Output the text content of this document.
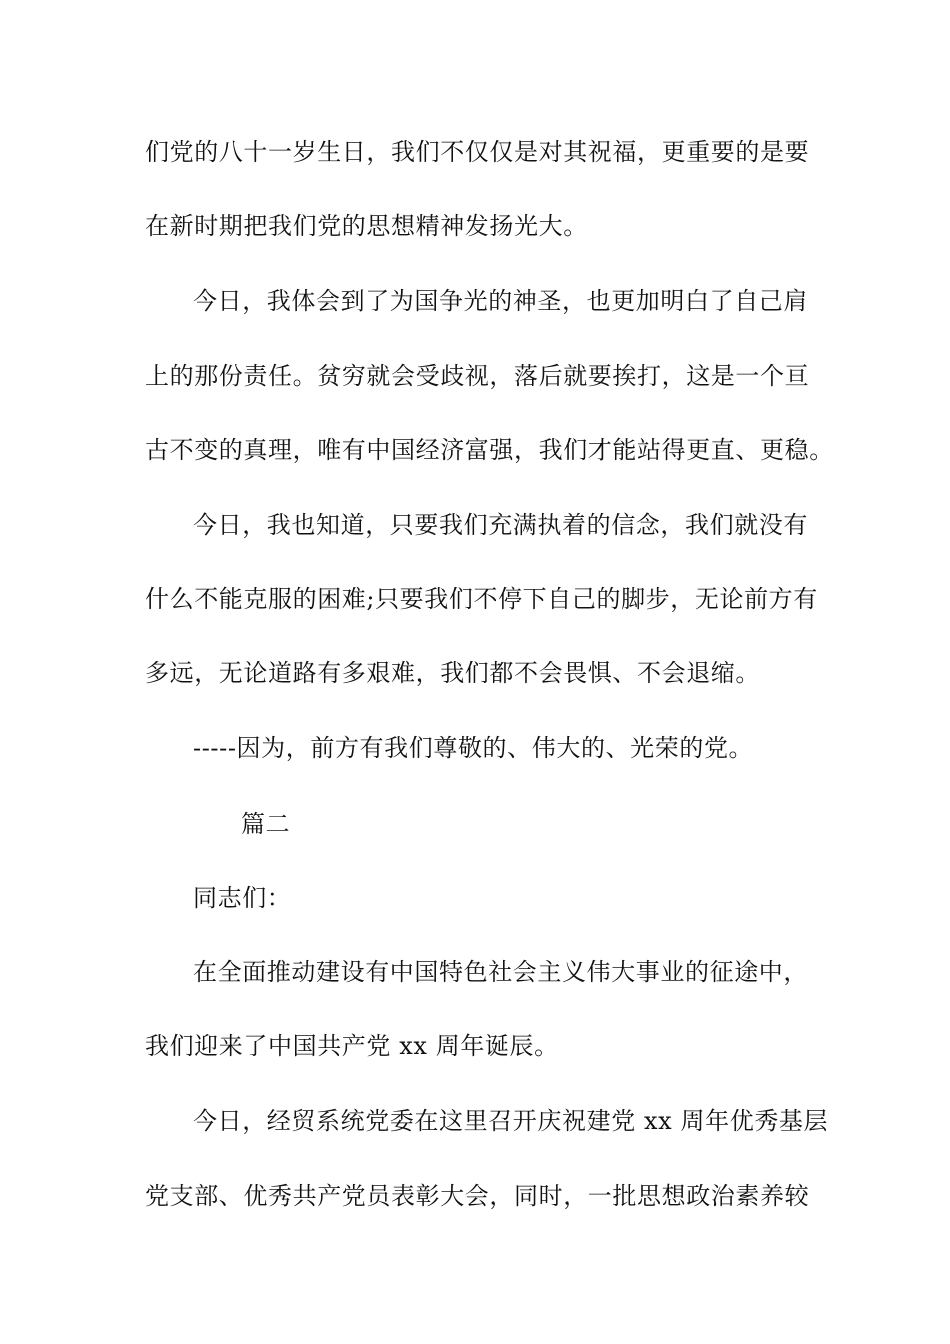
们党的八十一岁生日，我们不仅仅是对其祝福，更重要的是要
在新时期把我们党的思想精神发扬光大。
今日，我体会到了为国争光的神圣，也更加明白了自己肩
上的那份责任。贫穷就会受歧视，落后就要挨打，这是一个亘
古不变的真理，唯有中国经济富强，我们才能站得更直、更稳。
今日，我也知道，只要我们充满执着的信念，我们就没有
什么不能克服的困难;只要我们不停下自己的脚步，无论前方有
多远，无论道路有多艰难，我们都不会畏惧、不会退缩。
-----因为，前方有我们尊敬的、伟大的、光荣的党。
篇二
同志们：
在全面推动建设有中国特色社会主义伟大事业的征途中，
我们迎来了中国共产党 xx 周年诞辰。
今日，经贸系统党委在这里召开庆祝建党 xx 周年优秀基层
党支部、优秀共产党员表彰大会，同时，一批思想政治素养较
